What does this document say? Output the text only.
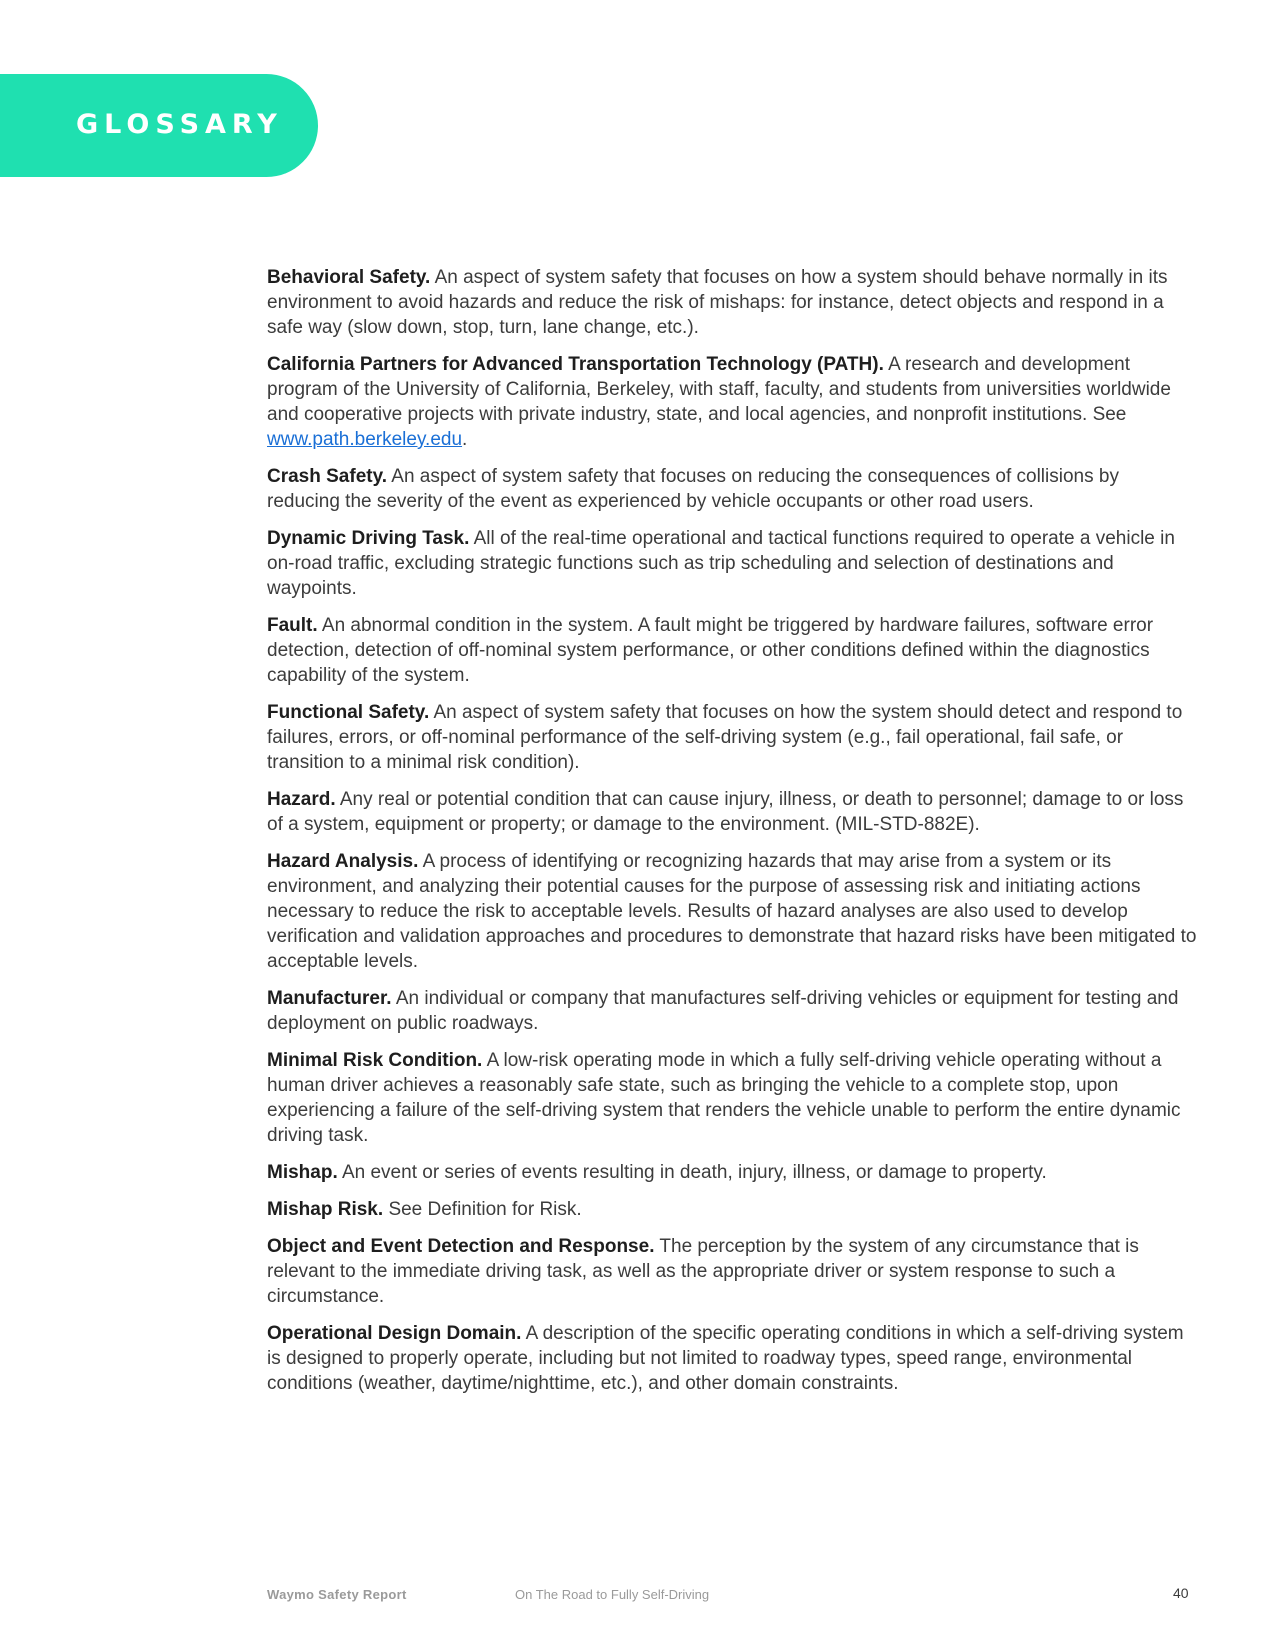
GLOSSARY

Behavioral Safety. An aspect of system safety that focuses on how a system should behave normally in its environment to avoid hazards and reduce the risk of mishaps: for instance, detect objects and respond in a safe way (slow down, stop, turn, lane change, etc.).

California Partners for Advanced Transportation Technology (PATH). A research and development program of the University of California, Berkeley, with staff, faculty, and students from universities worldwide and cooperative projects with private industry, state, and local agencies, and nonprofit institutions. See www.path.berkeley.edu.

Crash Safety. An aspect of system safety that focuses on reducing the consequences of collisions by reducing the severity of the event as experienced by vehicle occupants or other road users.

Dynamic Driving Task. All of the real-time operational and tactical functions required to operate a vehicle in on-road traffic, excluding strategic functions such as trip scheduling and selection of destinations and waypoints.

Fault. An abnormal condition in the system. A fault might be triggered by hardware failures, software error detection, detection of off-nominal system performance, or other conditions defined within the diagnostics capability of the system.

Functional Safety. An aspect of system safety that focuses on how the system should detect and respond to failures, errors, or off-nominal performance of the self-driving system (e.g., fail operational, fail safe, or transition to a minimal risk condition).

Hazard. Any real or potential condition that can cause injury, illness, or death to personnel; damage to or loss of a system, equipment or property; or damage to the environment. (MIL-STD-882E).

Hazard Analysis. A process of identifying or recognizing hazards that may arise from a system or its environment, and analyzing their potential causes for the purpose of assessing risk and initiating actions necessary to reduce the risk to acceptable levels. Results of hazard analyses are also used to develop verification and validation approaches and procedures to demonstrate that hazard risks have been mitigated to acceptable levels.

Manufacturer. An individual or company that manufactures self-driving vehicles or equipment for testing and deployment on public roadways.

Minimal Risk Condition. A low-risk operating mode in which a fully self-driving vehicle operating without a human driver achieves a reasonably safe state, such as bringing the vehicle to a complete stop, upon experiencing a failure of the self-driving system that renders the vehicle unable to perform the entire dynamic driving task.

Mishap. An event or series of events resulting in death, injury, illness, or damage to property.

Mishap Risk. See Definition for Risk.

Object and Event Detection and Response. The perception by the system of any circumstance that is relevant to the immediate driving task, as well as the appropriate driver or system response to such a circumstance.

Operational Design Domain. A description of the specific operating conditions in which a self-driving system is designed to properly operate, including but not limited to roadway types, speed range, environmental conditions (weather, daytime/nighttime, etc.), and other domain constraints.

Waymo Safety Report	On The Road to Fully Self-Driving	40
